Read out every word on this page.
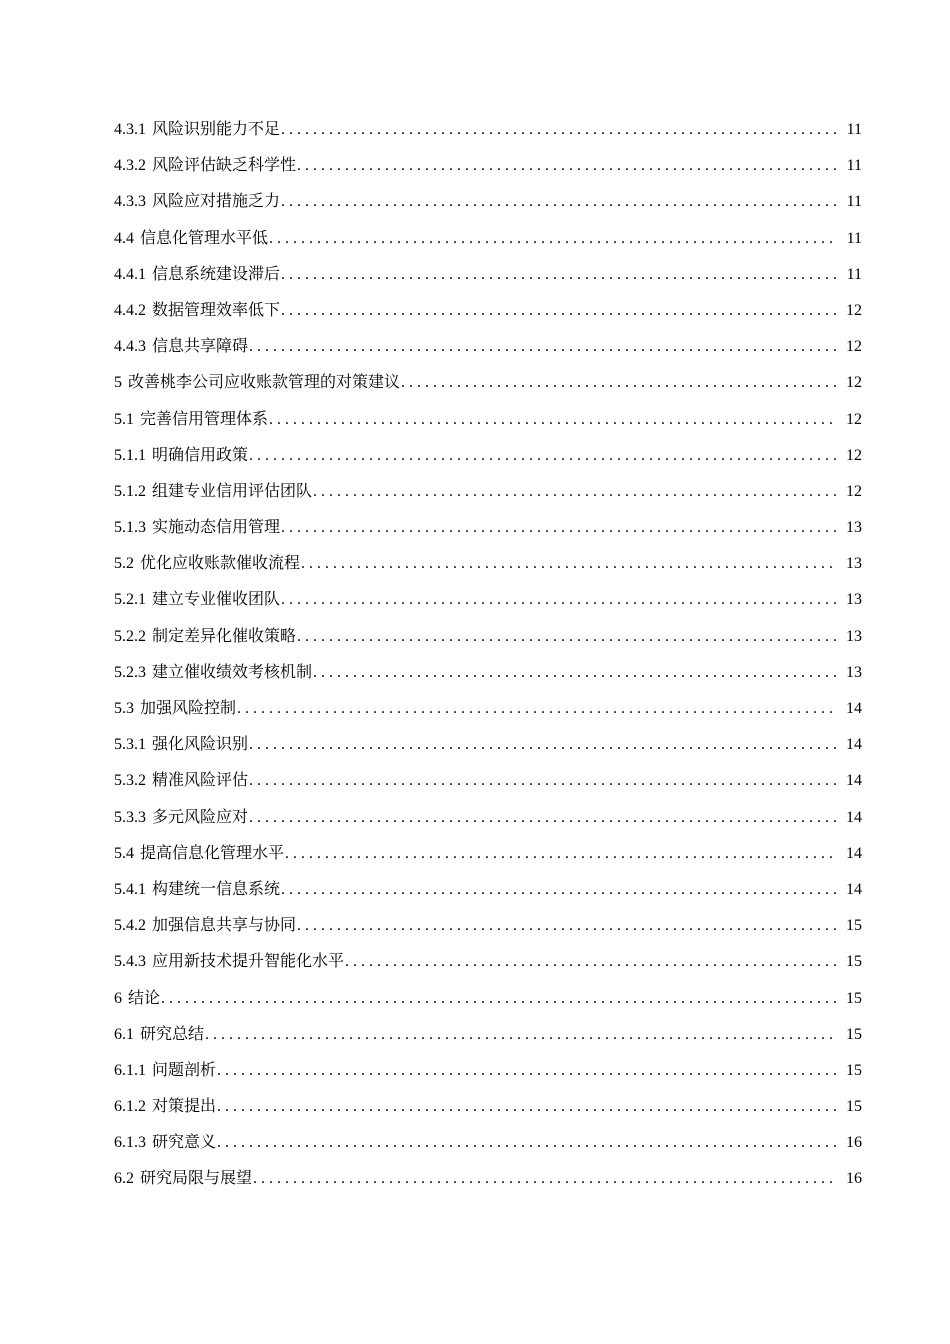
4.3.1 风险识别能力不足 . . .	11
4.3.2 风险评估缺乏科学性 . . .	11
4.3.3 风险应对措施乏力 . . .	11
4.4 信息化管理水平低 . . .	11
4.4.1 信息系统建设滞后 . . .	11
4.4.2 数据管理效率低下 . . .	12
4.4.3 信息共享障碍 . . .	12
5 改善桃李公司应收账款管理的对策建议 . . .	12
5.1 完善信用管理体系 . . .	12
5.1.1 明确信用政策 . . .	12
5.1.2 组建专业信用评估团队 . . .	12
5.1.3 实施动态信用管理 . . .	13
5.2 优化应收账款催收流程 . . .	13
5.2.1 建立专业催收团队 . . .	13
5.2.2 制定差异化催收策略 . . .	13
5.2.3 建立催收绩效考核机制 . . .	13
5.3 加强风险控制 . . .	14
5.3.1 强化风险识别 . . .	14
5.3.2 精准风险评估 . . .	14
5.3.3 多元风险应对 . . .	14
5.4 提高信息化管理水平 . . .	14
5.4.1 构建统一信息系统 . . .	14
5.4.2 加强信息共享与协同 . . .	15
5.4.3 应用新技术提升智能化水平 . . .	15
6 结论 . . .	15
6.1 研究总结 . . .	15
6.1.1 问题剖析 . . .	15
6.1.2 对策提出 . . .	15
6.1.3 研究意义 . . .	16
6.2 研究局限与展望 . . .	16
